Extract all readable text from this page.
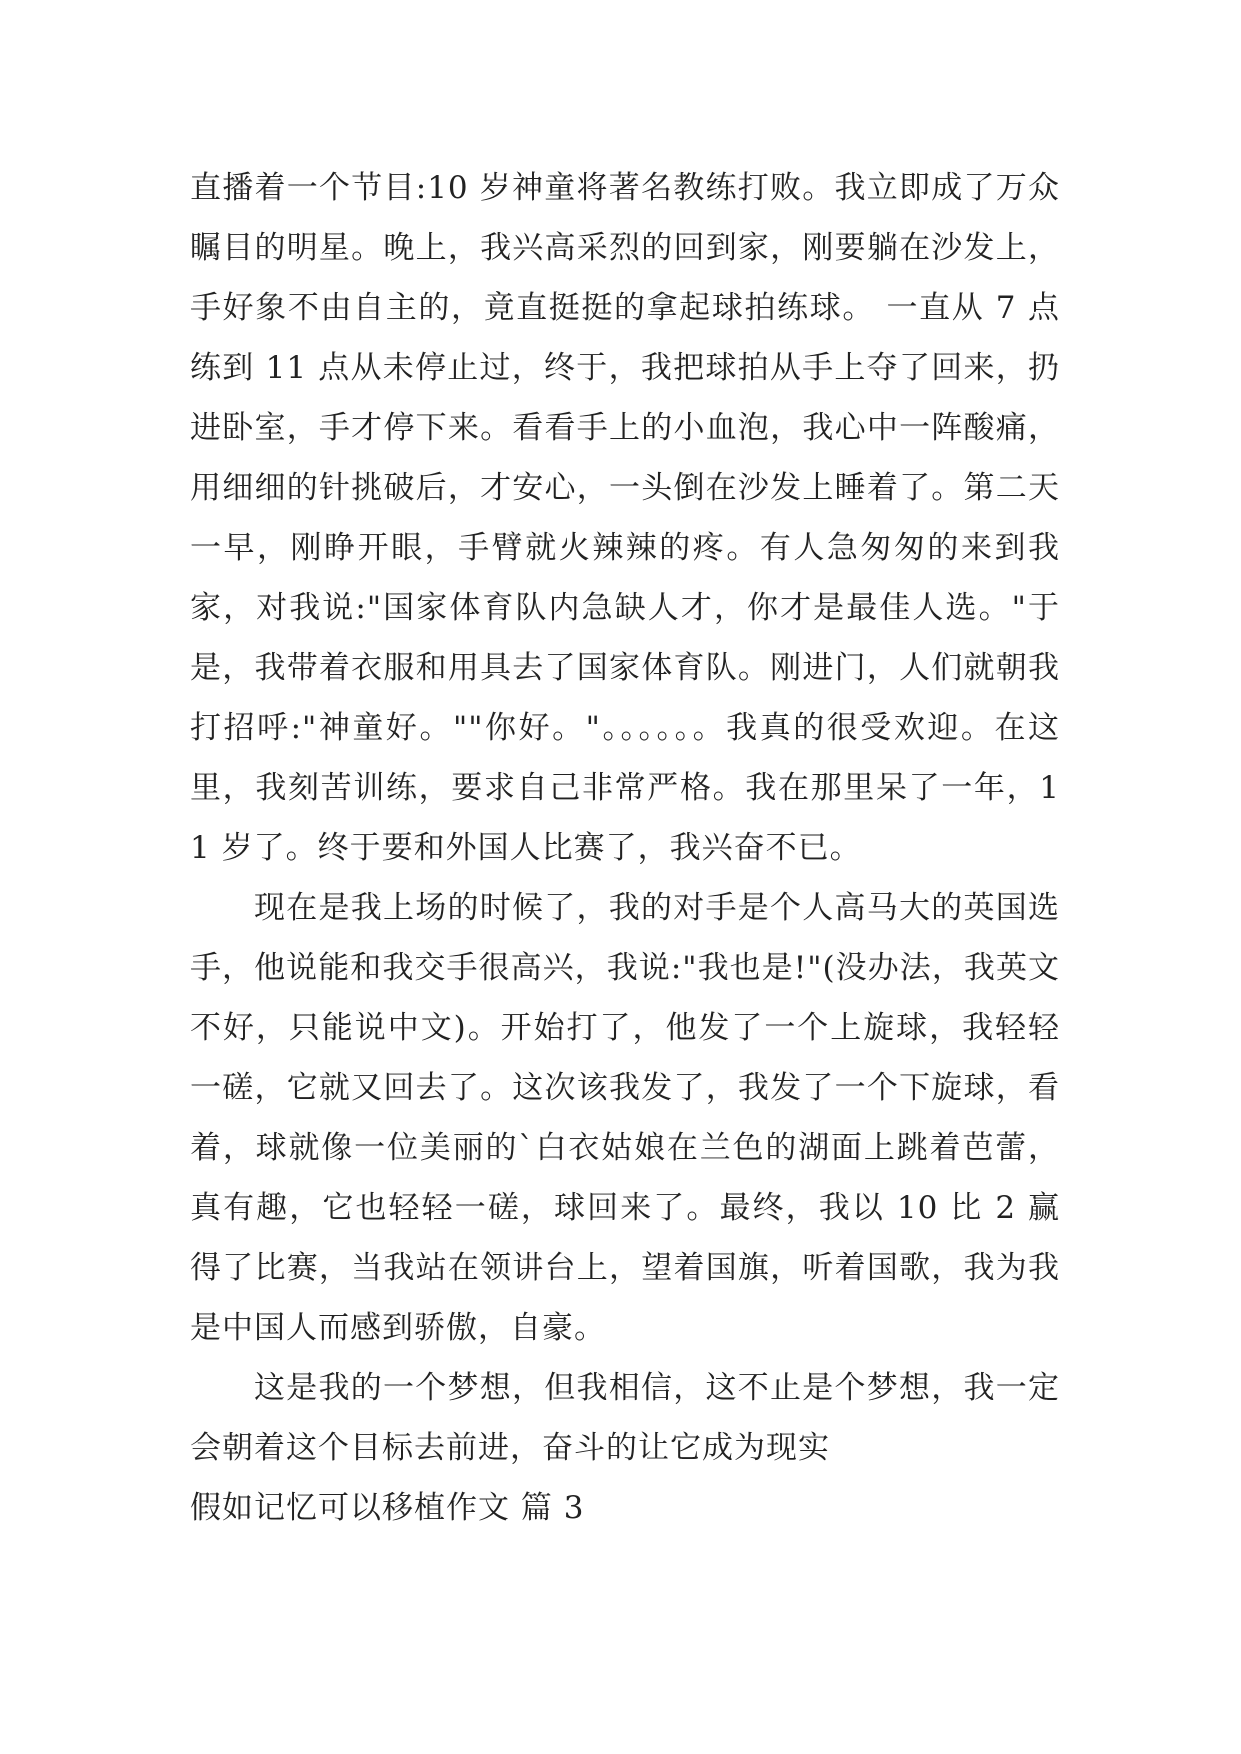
直播着一个节目:10 岁神童将著名教练打败。我立即成了万众瞩目的明星。晚上，我兴高采烈的回到家，刚要躺在沙发上，手好象不由自主的，竟直挺挺的拿起球拍练球。 一直从 7 点练到 11 点从未停止过，终于，我把球拍从手上夺了回来，扔进卧室，手才停下来。看看手上的小血泡，我心中一阵酸痛，用细细的针挑破后，才安心，一头倒在沙发上睡着了。第二天一早，刚睁开眼，手臂就火辣辣的疼。有人急匆匆的来到我家，对我说:"国家体育队内急缺人才，你才是最佳人选。"于是，我带着衣服和用具去了国家体育队。刚进门，人们就朝我打招呼:"神童好。""你好。"。。。。。。我真的很受欢迎。在这里，我刻苦训练，要求自己非常严格。我在那里呆了一年，11 岁了。终于要和外国人比赛了，我兴奋不已。

现在是我上场的时候了，我的对手是个人高马大的英国选手，他说能和我交手很高兴，我说:"我也是!"(没办法，我英文不好，只能说中文)。开始打了，他发了一个上旋球，我轻轻一磋，它就又回去了。这次该我发了，我发了一个下旋球，看着，球就像一位美丽的`白衣姑娘在兰色的湖面上跳着芭蕾，真有趣，它也轻轻一磋，球回来了。最终，我以 10 比 2 赢得了比赛，当我站在领讲台上，望着国旗，听着国歌，我为我是中国人而感到骄傲，自豪。

这是我的一个梦想，但我相信，这不止是个梦想，我一定会朝着这个目标去前进，奋斗的让它成为现实

假如记忆可以移植作文 篇 3
